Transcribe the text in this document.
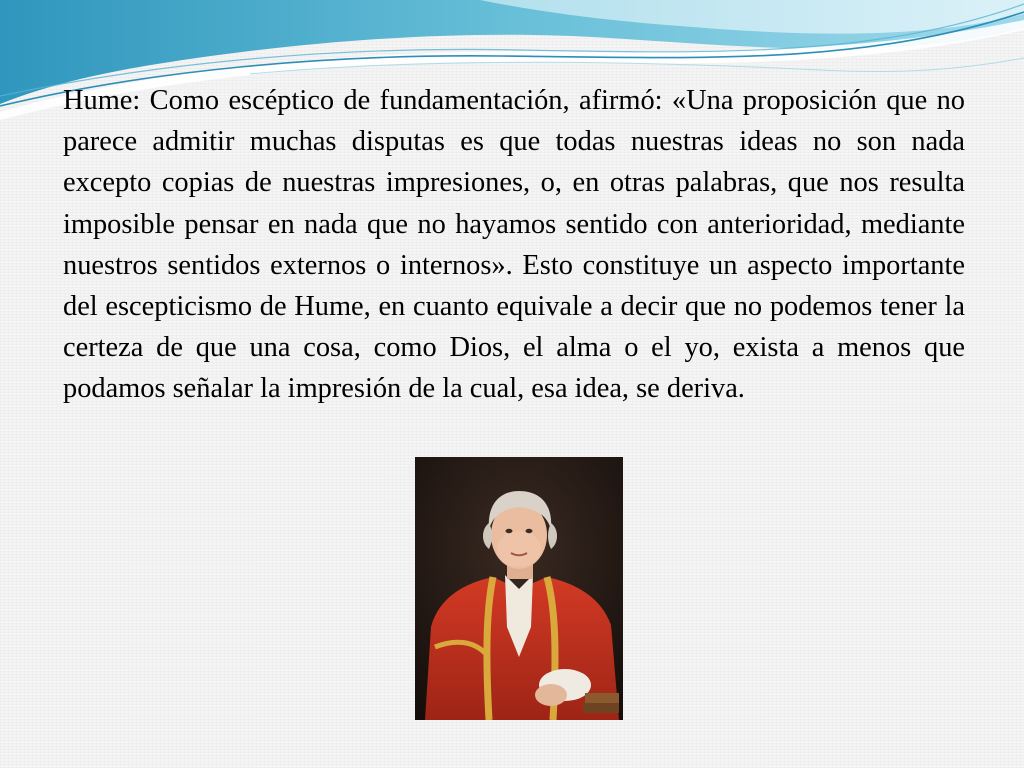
Hume: Como escéptico de fundamentación, afirmó: «Una proposición que no parece admitir muchas disputas es que todas nuestras ideas no son nada excepto copias de nuestras impresiones, o, en otras palabras, que nos resulta imposible pensar en nada que no hayamos sentido con anterioridad, mediante nuestros sentidos externos o internos». Esto constituye un aspecto importante del escepticismo de Hume, en cuanto equivale a decir que no podemos tener la certeza de que una cosa, como Dios, el alma o el yo, exista a menos que podamos señalar la impresión de la cual, esa idea, se deriva.
